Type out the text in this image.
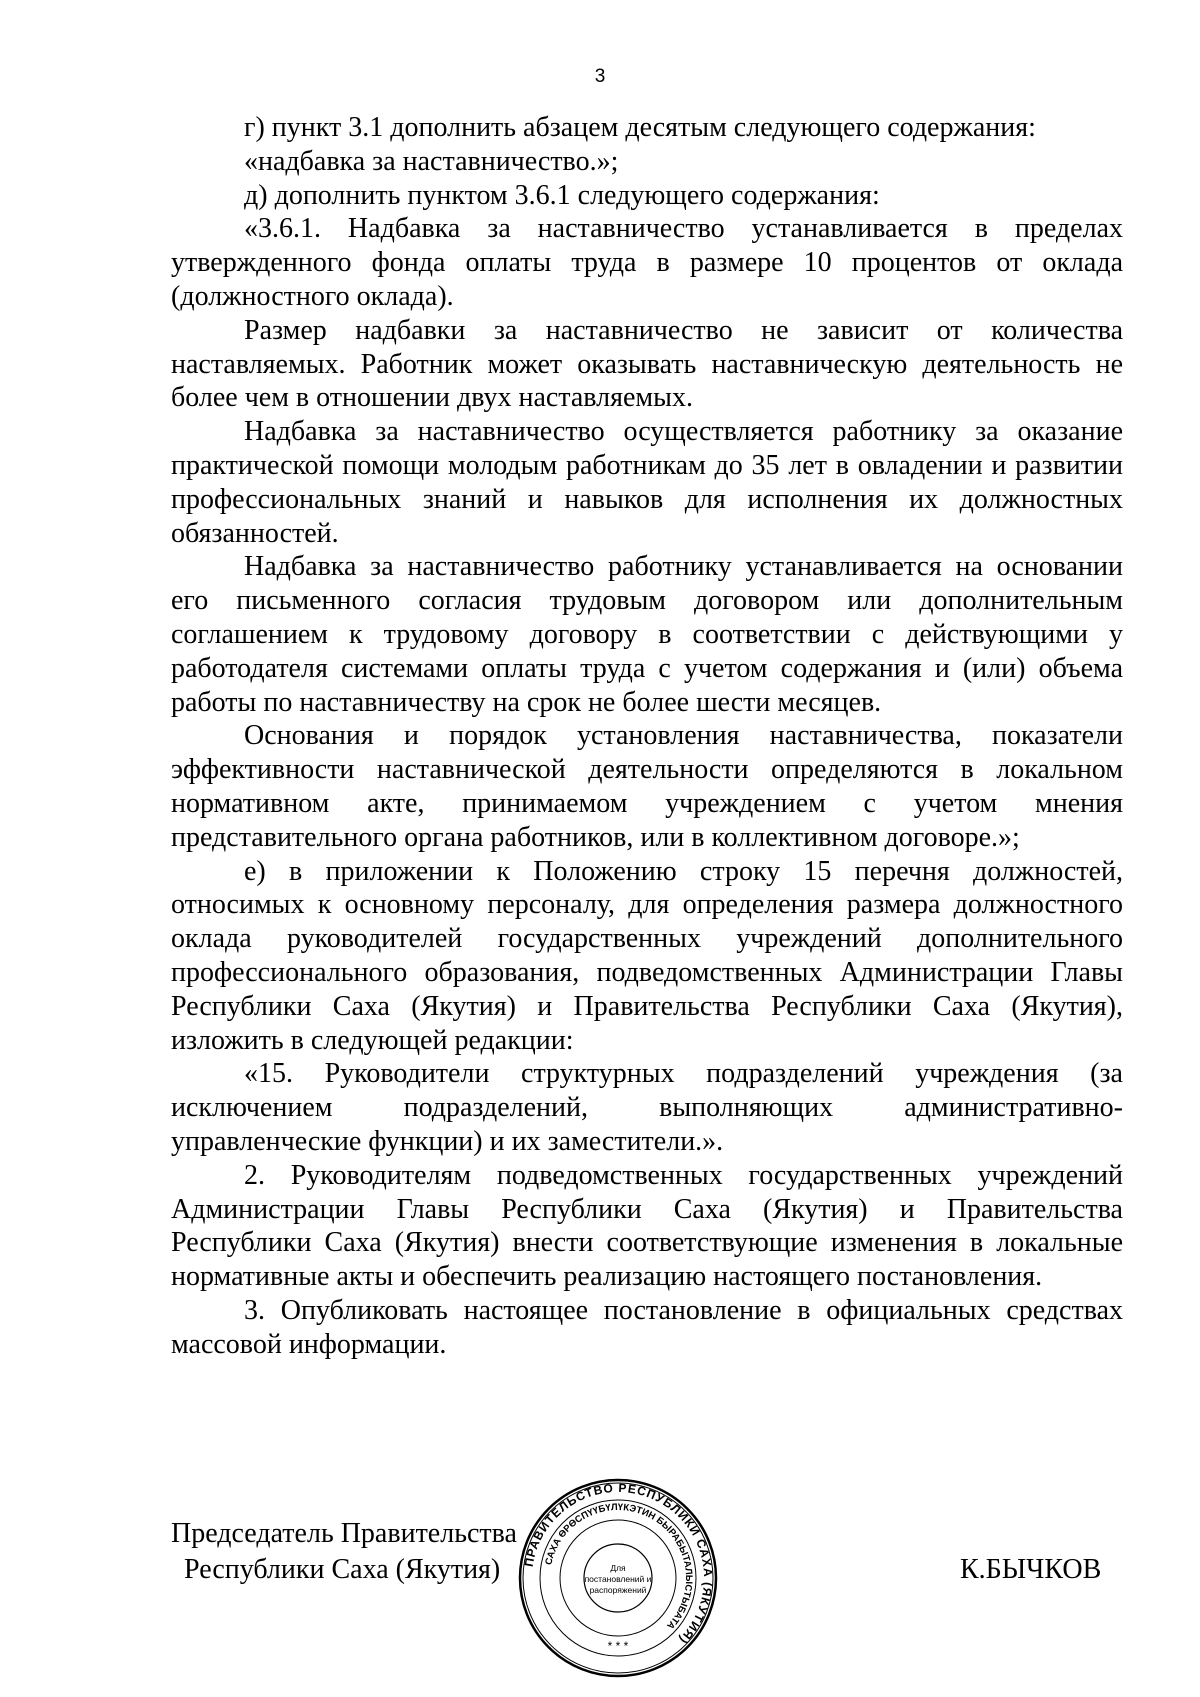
3
г) пункт 3.1 дополнить абзацем десятым следующего содержания:
«надбавка за наставничество.»;
д) дополнить пунктом 3.6.1 следующего содержания:
«3.6.1. Надбавка за наставничество устанавливается в пределах
утвержденного фонда оплаты труда в размере 10 процентов от оклада
(должностного оклада).
Размер надбавки за наставничество не зависит от количества
наставляемых. Работник может оказывать наставническую деятельность не
более чем в отношении двух наставляемых.
Надбавка за наставничество осуществляется работнику за оказание
практической помощи молодым работникам до 35 лет в овладении и развитии
профессиональных знаний и навыков для исполнения их должностных
обязанностей.
Надбавка за наставничество работнику устанавливается на основании
его письменного согласия трудовым договором или дополнительным
соглашением к трудовому договору в соответствии с действующими у
работодателя системами оплаты труда с учетом содержания и (или) объема
работы по наставничеству на срок не более шести месяцев.
Основания и порядок установления наставничества, показатели
эффективности наставнической деятельности определяются в локальном
нормативном акте, принимаемом учреждением с учетом мнения
представительного органа работников, или в коллективном договоре.»;
е) в приложении к Положению строку 15 перечня должностей,
относимых к основному персоналу, для определения размера должностного
оклада руководителей государственных учреждений дополнительного
профессионального образования, подведомственных Администрации Главы
Республики Саха (Якутия) и Правительства Республики Саха (Якутия),
изложить в следующей редакции:
«15. Руководители структурных подразделений учреждения (за
исключением подразделений, выполняющих административно-
управленческие функции) и их заместители.».
2. Руководителям подведомственных государственных учреждений
Администрации Главы Республики Саха (Якутия) и Правительства
Республики Саха (Якутия) внести соответствующие изменения в локальные
нормативные акты и обеспечить реализацию настоящего постановления.
3. Опубликовать настоящее постановление в официальных средствах
массовой информации.
Председатель Правительства
Республики Саха (Якутия)	К.БЫЧКОВ
ПРАВИТЕЛЬСТВО РЕСПУБЛИКИ САХА (ЯКУТИЯ)
САХА ӨРӨСПҮҮБҮЛҮКЭТИН БЫРАБЫТАЛЫСТЫБАТА
Для
постановлений и
распоряжений
* * *
